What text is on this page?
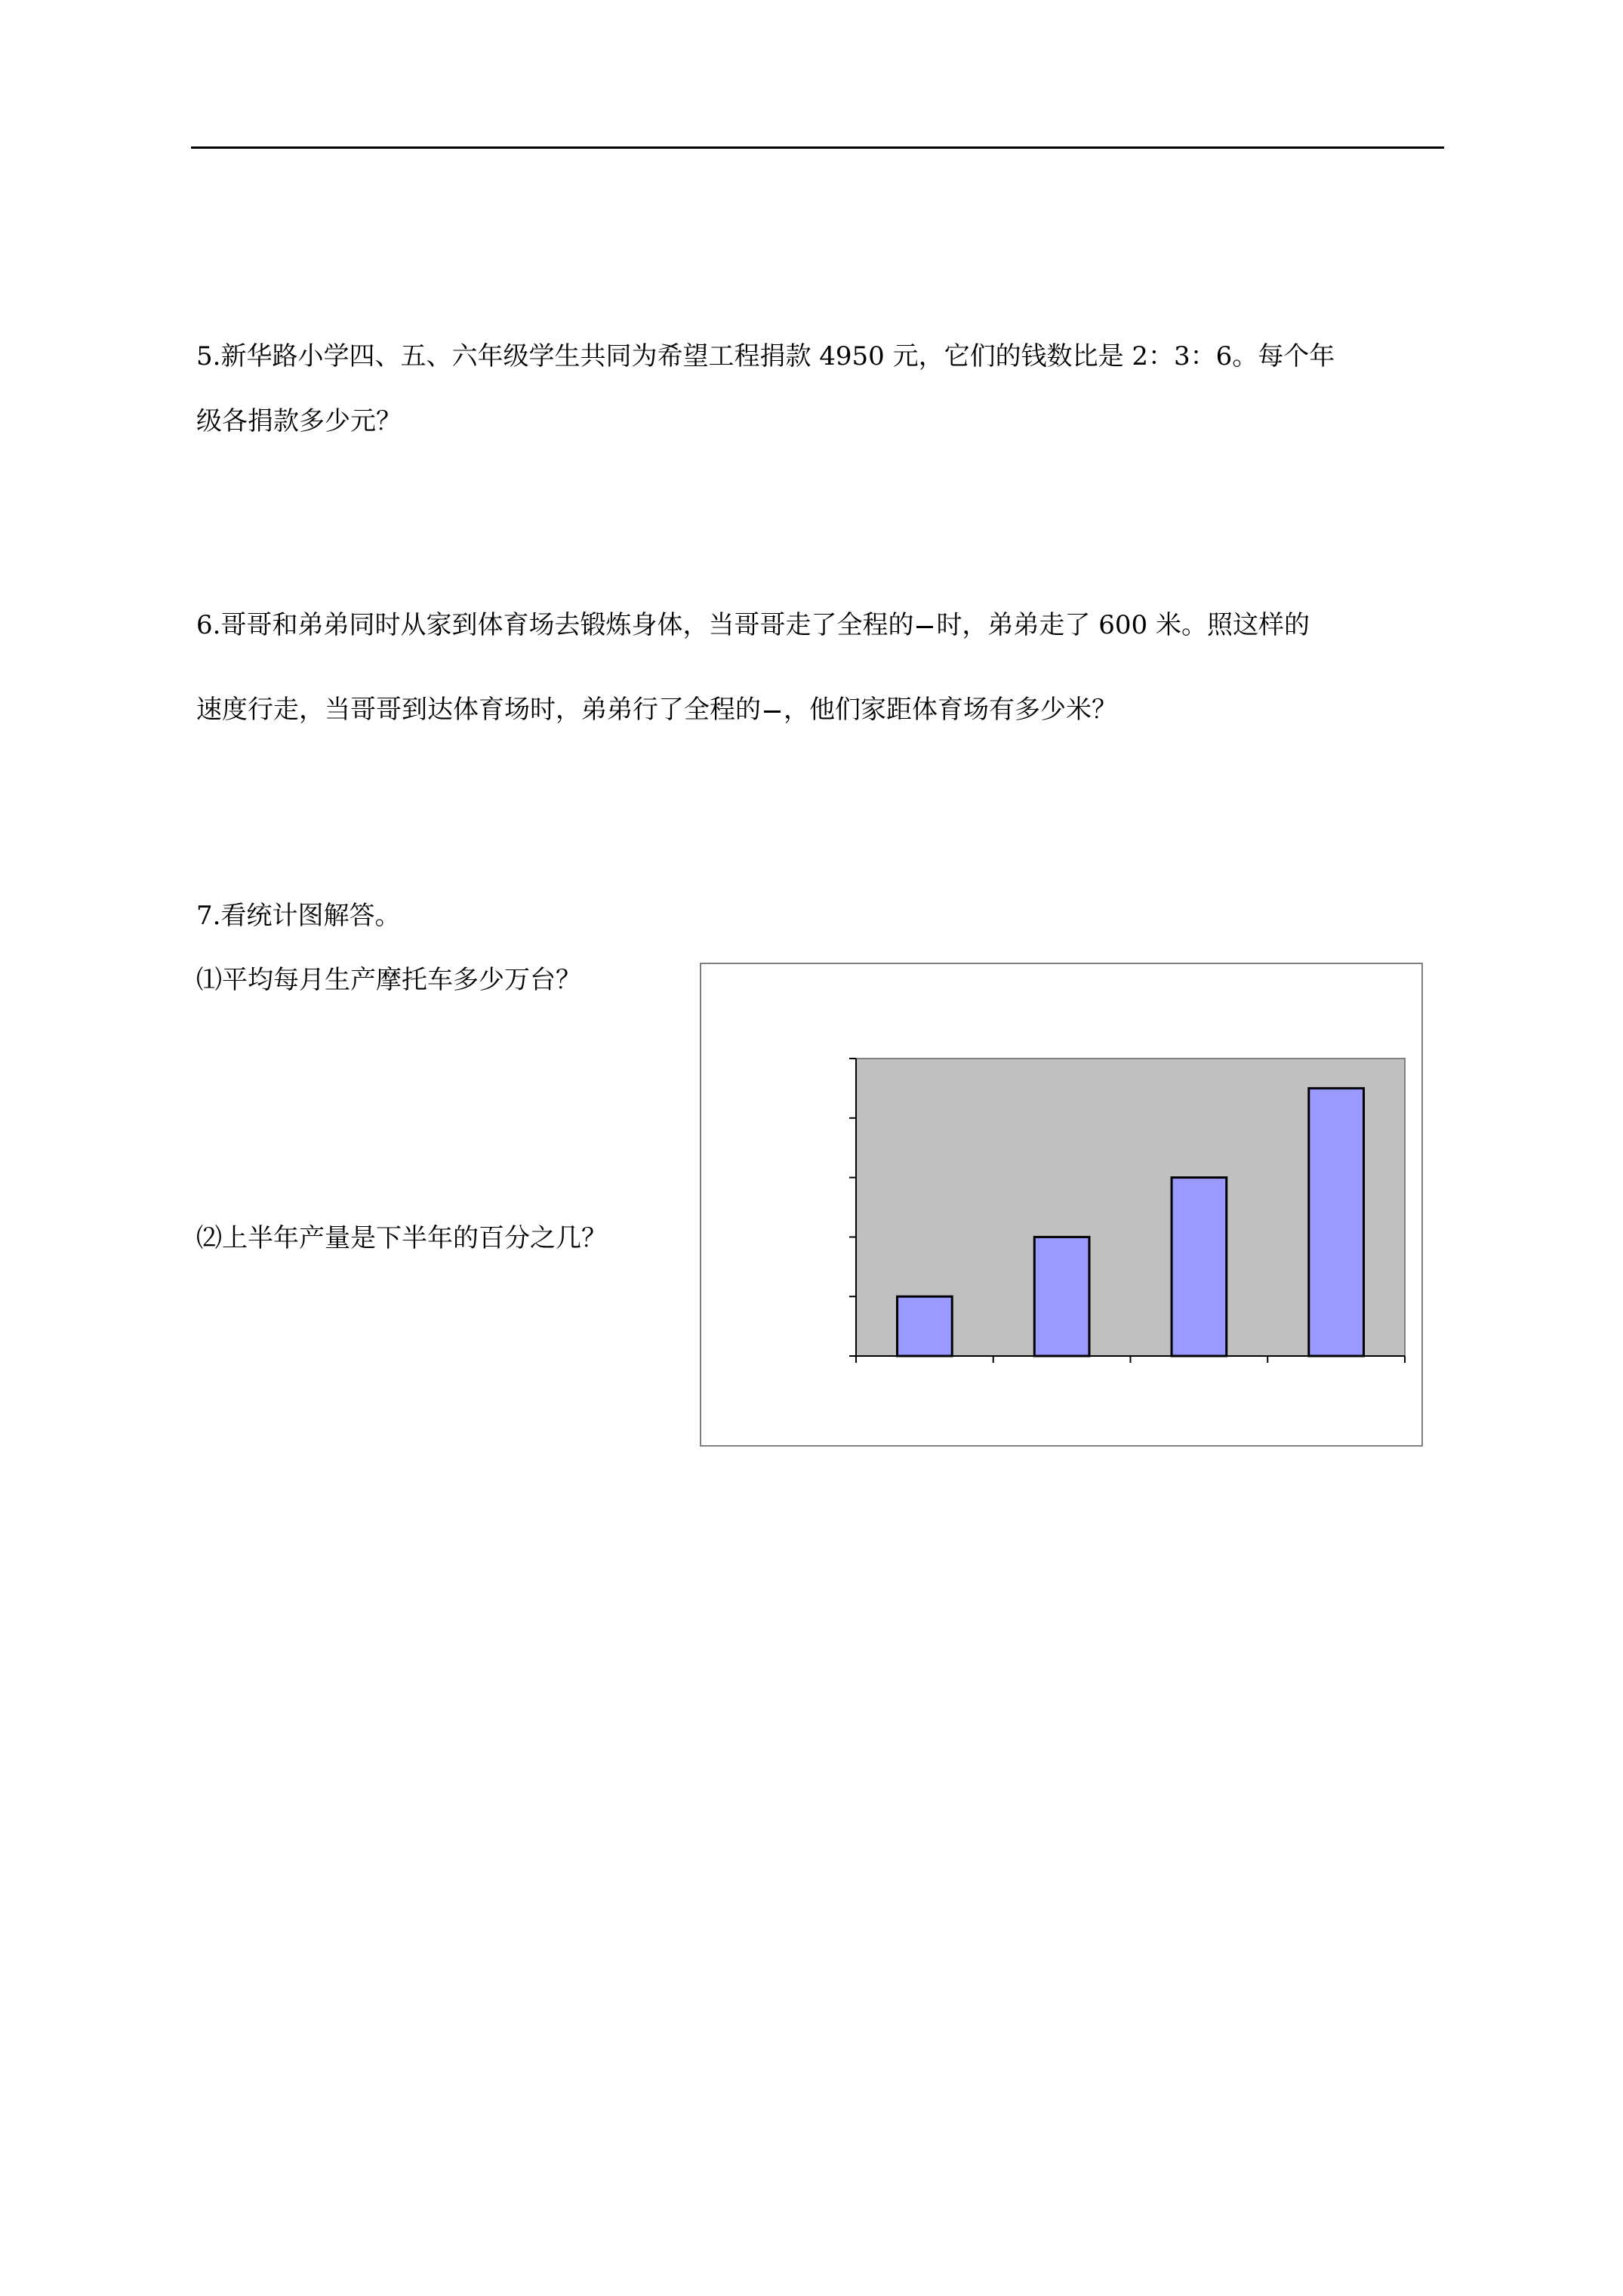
5.新华路小学四、五、六年级学生共同为希望工程捐款 4950 元，它们的钱数比是 2：3：6。每个年
级各捐款多少元？
6.哥哥和弟弟同时从家到体育场去锻炼身体，当哥哥走了全程的 时，弟弟走了 600 米。照这样的
速度行走，当哥哥到达体育场时，弟弟行了全程的 ，他们家距体育场有多少米？
7.看统计图解答。
⑴平均每月生产摩托车多少万台？
⑵上半年产量是下半年的百分之几？
